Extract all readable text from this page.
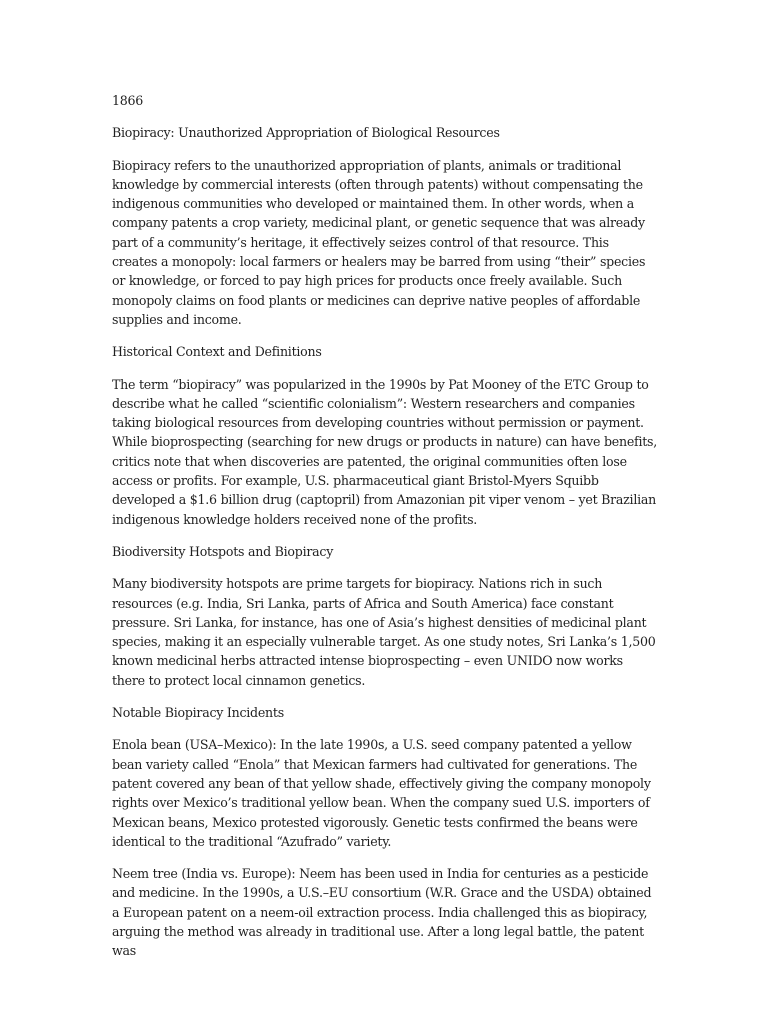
1866
Biopiracy: Unauthorized Appropriation of Biological Resources
Biopiracy refers to the unauthorized appropriation of plants, animals or traditional knowledge by commercial interests (often through patents) without compensating the indigenous communities who developed or maintained them. In other words, when a company patents a crop variety, medicinal plant, or genetic sequence that was already part of a community’s heritage, it effectively seizes control of that resource. This creates a monopoly: local farmers or healers may be barred from using “their” species or knowledge, or forced to pay high prices for products once freely available. Such monopoly claims on food plants or medicines can deprive native peoples of affordable supplies and income.
Historical Context and Definitions
The term “biopiracy” was popularized in the 1990s by Pat Mooney of the ETC Group to describe what he called “scientific colonialism”: Western researchers and companies taking biological resources from developing countries without permission or payment. While bioprospecting (searching for new drugs or products in nature) can have benefits, critics note that when discoveries are patented, the original communities often lose access or profits. For example, U.S. pharmaceutical giant Bristol-Myers Squibb developed a $1.6 billion drug (captopril) from Amazonian pit viper venom – yet Brazilian indigenous knowledge holders received none of the profits.
Biodiversity Hotspots and Biopiracy
Many biodiversity hotspots are prime targets for biopiracy. Nations rich in such resources (e.g. India, Sri Lanka, parts of Africa and South America) face constant pressure. Sri Lanka, for instance, has one of Asia’s highest densities of medicinal plant species, making it an especially vulnerable target. As one study notes, Sri Lanka’s 1,500 known medicinal herbs attracted intense bioprospecting – even UNIDO now works there to protect local cinnamon genetics.
Notable Biopiracy Incidents
Enola bean (USA–Mexico): In the late 1990s, a U.S. seed company patented a yellow bean variety called “Enola” that Mexican farmers had cultivated for generations. The patent covered any bean of that yellow shade, effectively giving the company monopoly rights over Mexico’s traditional yellow bean. When the company sued U.S. importers of Mexican beans, Mexico protested vigorously. Genetic tests confirmed the beans were identical to the traditional “Azufrado” variety.
Neem tree (India vs. Europe): Neem has been used in India for centuries as a pesticide and medicine. In the 1990s, a U.S.–EU consortium (W.R. Grace and the USDA) obtained a European patent on a neem-oil extraction process. India challenged this as biopiracy, arguing the method was already in traditional use. After a long legal battle, the patent was
